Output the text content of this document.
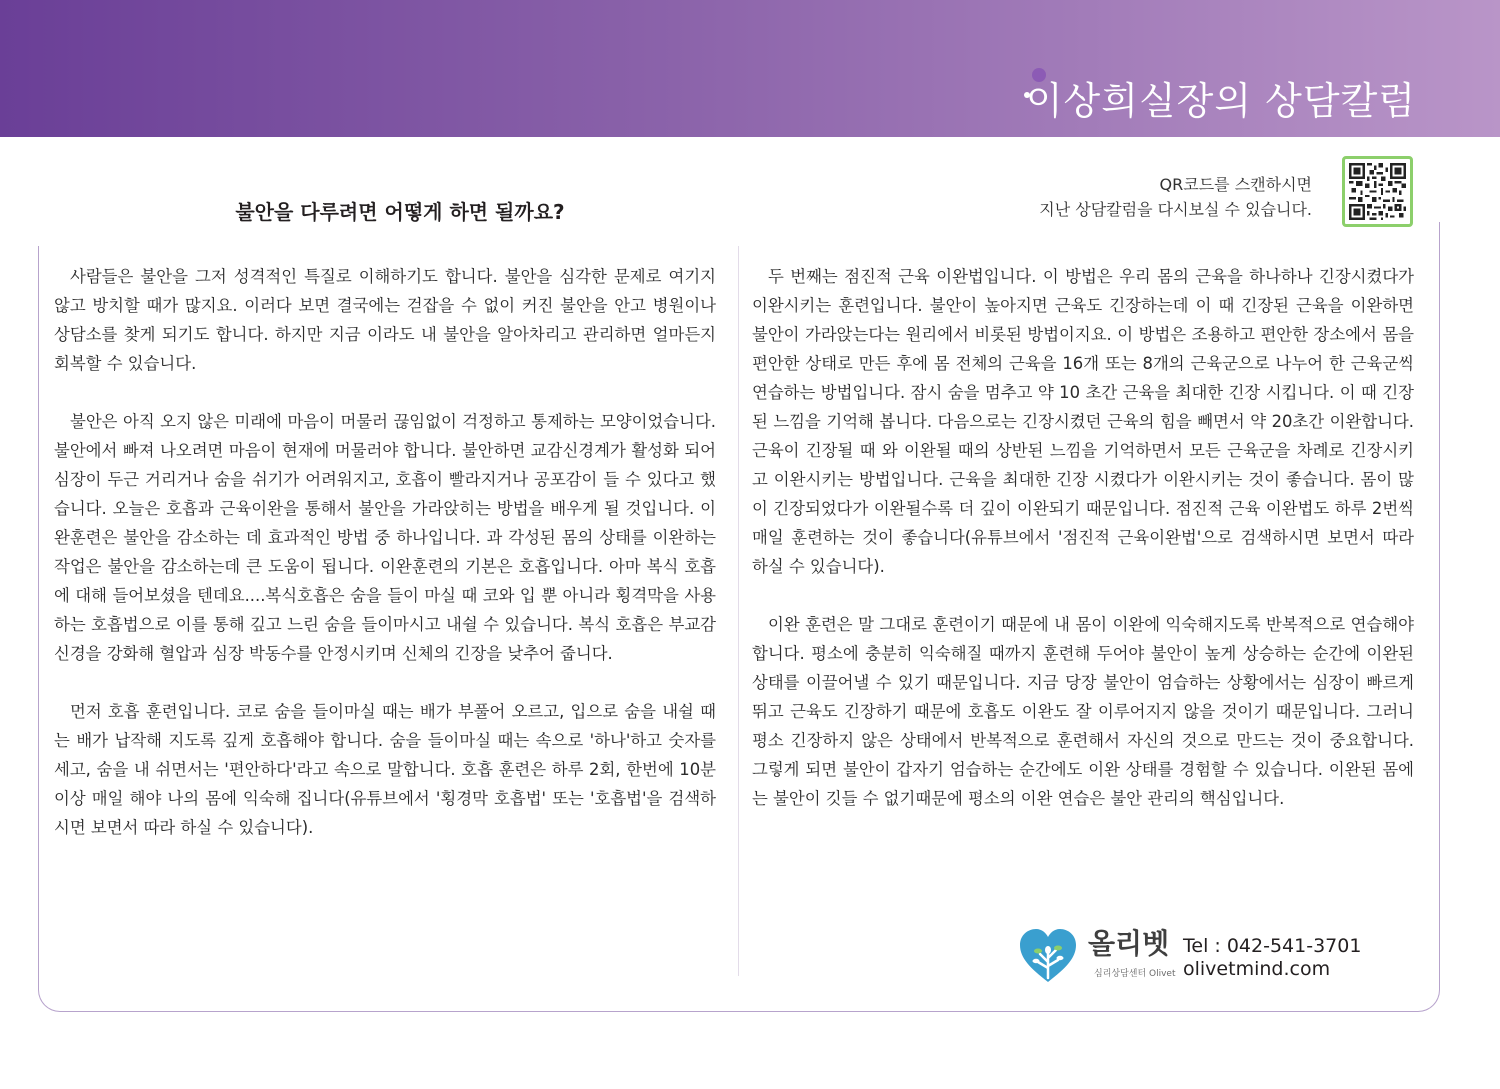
이상희실장의 상담칼럼
불안을 다루려면 어떻게 하면 될까요?
QR코드를 스캔하시면
지난 상담칼럼을 다시보실 수 있습니다.

사람들은 불안을 그저 성격적인 특질로 이해하기도 합니다. 불안을 심각한 문제로 여기지 않고 방치할 때가 많지요. 이러다 보면 결국에는 걷잡을 수 없이 커진 불안을 안고 병원이나 상담소를 찾게 되기도 합니다. 하지만 지금 이라도 내 불안을 알아차리고 관리하면 얼마든지 회복할 수 있습니다.

불안은 아직 오지 않은 미래에 마음이 머물러 끊임없이 걱정하고 통제하는 모양이었습니다. 불안에서 빠져 나오려면 마음이 현재에 머물러야 합니다. 불안하면 교감신경계가 활성화 되어 심장이 두근 거리거나 숨을 쉬기가 어려워지고, 호흡이 빨라지거나 공포감이 들 수 있다고 했습니다. 오늘은 호흡과 근육이완을 통해서 불안을 가라앉히는 방법을 배우게 될 것입니다. 이완훈련은 불안을 감소하는 데 효과적인 방법 중 하나입니다. 과 각성된 몸의 상태를 이완하는 작업은 불안을 감소하는데 큰 도움이 됩니다. 이완훈련의 기본은 호흡입니다. 아마 복식 호흡에 대해 들어보셨을 텐데요....복식호흡은 숨을 들이 마실 때 코와 입 뿐 아니라 횡격막을 사용하는 호흡법으로 이를 통해 깊고 느린 숨을 들이마시고 내쉴 수 있습니다. 복식 호흡은 부교감 신경을 강화해 혈압과 심장 박동수를 안정시키며 신체의 긴장을 낮추어 줍니다.

먼저 호흡 훈련입니다. 코로 숨을 들이마실 때는 배가 부풀어 오르고, 입으로 숨을 내쉴 때는 배가 납작해 지도록 깊게 호흡해야 합니다. 숨을 들이마실 때는 속으로 '하나'하고 숫자를 세고, 숨을 내 쉬면서는 '편안하다'라고 속으로 말합니다. 호흡 훈련은 하루 2회, 한번에 10분 이상 매일 해야 나의 몸에 익숙해 집니다(유튜브에서 '횡경막 호흡법' 또는 '호흡법'을 검색하시면 보면서 따라 하실 수 있습니다).

두 번째는 점진적 근육 이완법입니다. 이 방법은 우리 몸의 근육을 하나하나 긴장시켰다가 이완시키는 훈련입니다. 불안이 높아지면 근육도 긴장하는데 이 때 긴장된 근육을 이완하면 불안이 가라앉는다는 원리에서 비롯된 방법이지요. 이 방법은 조용하고 편안한 장소에서 몸을 편안한 상태로 만든 후에 몸 전체의 근육을 16개 또는 8개의 근육군으로 나누어 한 근육군씩 연습하는 방법입니다. 잠시 숨을 멈추고 약 10 초간 근육을 최대한 긴장 시킵니다. 이 때 긴장된 느낌을 기억해 봅니다. 다음으로는 긴장시켰던 근육의 힘을 빼면서 약 20초간 이완합니다. 근육이 긴장될 때 와 이완될 때의 상반된 느낌을 기억하면서 모든 근육군을 차례로 긴장시키고 이완시키는 방법입니다. 근육을 최대한 긴장 시켰다가 이완시키는 것이 좋습니다. 몸이 많이 긴장되었다가 이완될수록 더 깊이 이완되기 때문입니다. 점진적 근육 이완법도 하루 2번씩 매일 훈련하는 것이 좋습니다(유튜브에서 '점진적 근육이완법'으로 검색하시면 보면서 따라 하실 수 있습니다).

이완 훈련은 말 그대로 훈련이기 때문에 내 몸이 이완에 익숙해지도록 반복적으로 연습해야 합니다. 평소에 충분히 익숙해질 때까지 훈련해 두어야 불안이 높게 상승하는 순간에 이완된 상태를 이끌어낼 수 있기 때문입니다. 지금 당장 불안이 엄습하는 상황에서는 심장이 빠르게 뛰고 근육도 긴장하기 때문에 호흡도 이완도 잘 이루어지지 않을 것이기 때문입니다. 그러니 평소 긴장하지 않은 상태에서 반복적으로 훈련해서 자신의 것으로 만드는 것이 중요합니다. 그렇게 되면 불안이 갑자기 엄습하는 순간에도 이완 상태를 경험할 수 있습니다. 이완된 몸에는 불안이 깃들 수 없기때문에 평소의 이완 연습은 불안 관리의 핵심입니다.

올리벳
심리상담센터 Olivet
Tel : 042-541-3701
olivetmind.com
